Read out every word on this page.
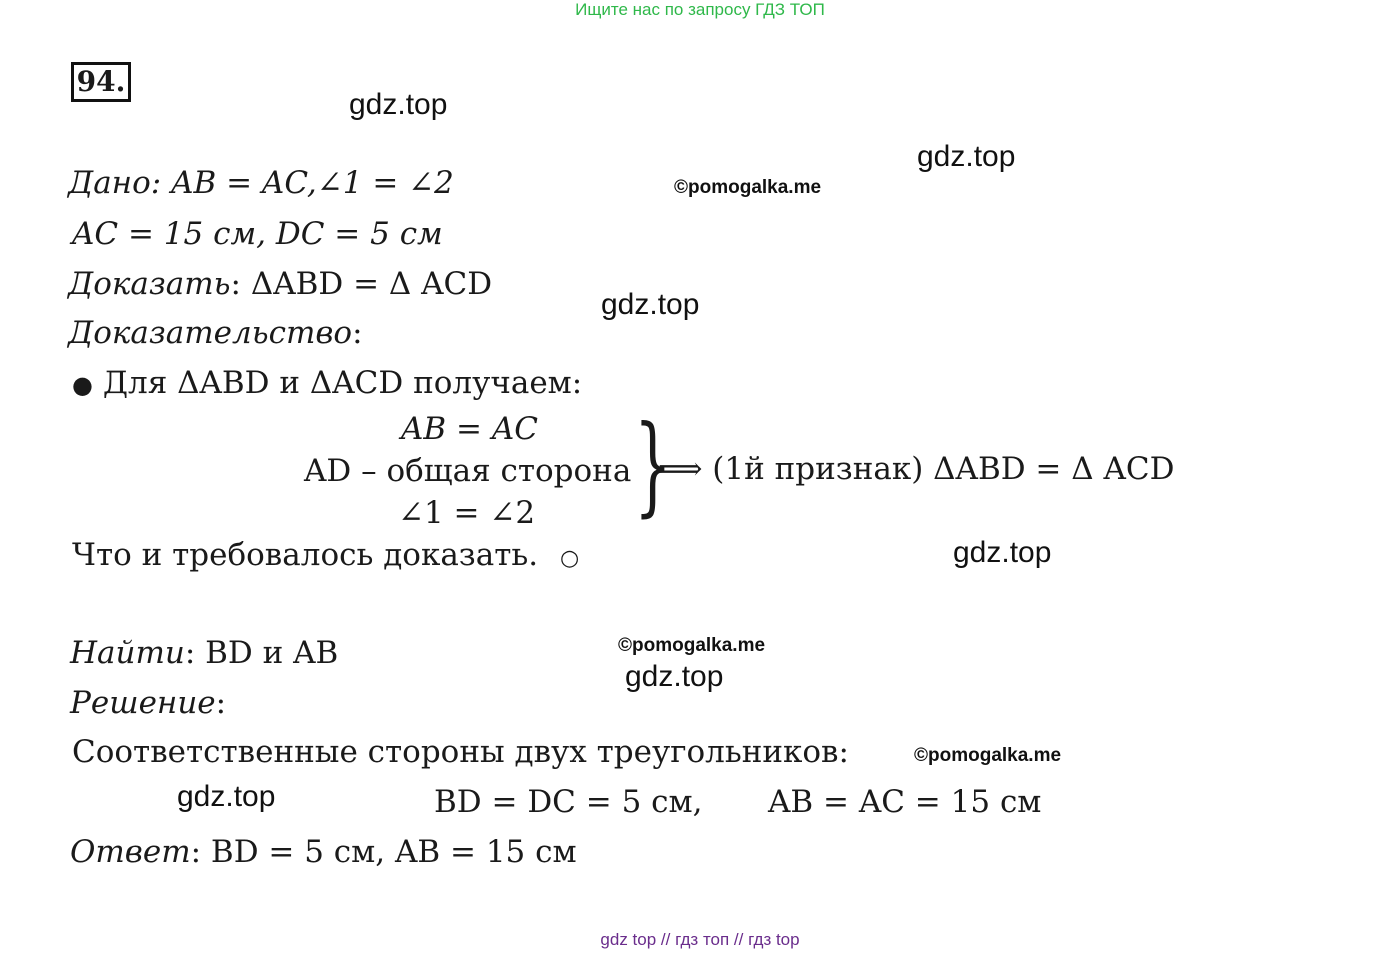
Ищите нас по запросу ГДЗ ТОП
94.
gdz.top
gdz.top
©pomogalka.me
gdz.top
gdz.top
©pomogalka.me
gdz.top
©pomogalka.me
gdz.top
Дано: AB = AC,∠1 = ∠2
AC = 15 см, DC = 5 см
Доказать: ΔABD = Δ ACD
Доказательство:
● Для ΔABD и ΔACD получаем:
AB = AC
AD – общая сторона
∠1 = ∠2 }
⟹ (1й признак) ΔABD = Δ ACD
Что и требовалось доказать. ○
Найти: BD и AB
Решение:
Соответственные стороны двух треугольников:
BD = DC = 5 см, AB = AC = 15 см
Ответ: BD = 5 см, AB = 15 см
gdz top // гдз топ // гдз top
